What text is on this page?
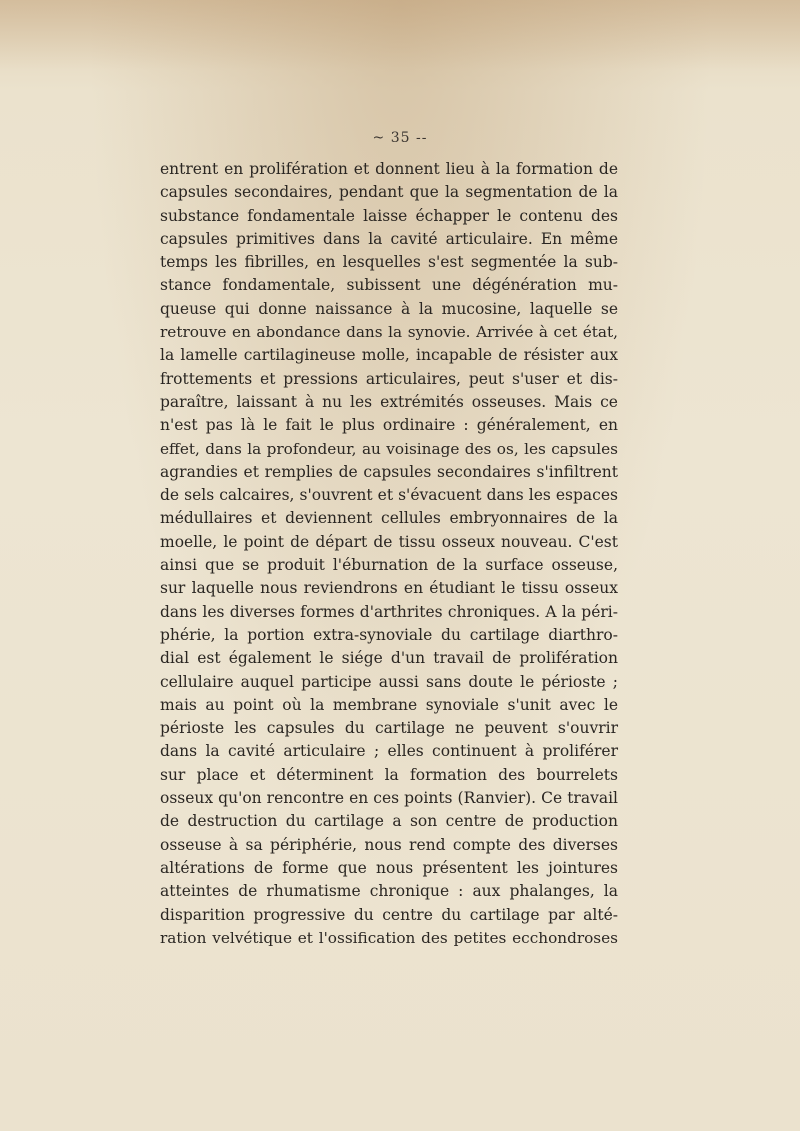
~ 35 --
entrent en prolifération et donnent lieu à la formation de
capsules secondaires, pendant que la segmentation de la
substance fondamentale laisse échapper le contenu des
capsules primitives dans la cavité articulaire. En même
temps les fibrilles, en lesquelles s'est segmentée la sub-
stance fondamentale, subissent une dégénération mu-
queuse qui donne naissance à la mucosine, laquelle se
retrouve en abondance dans la synovie. Arrivée à cet état,
la lamelle cartilagineuse molle, incapable de résister aux
frottements et pressions articulaires, peut s'user et dis-
paraître, laissant à nu les extrémités osseuses. Mais ce
n'est pas là le fait le plus ordinaire : généralement, en
effet, dans la profondeur, au voisinage des os, les capsules
agrandies et remplies de capsules secondaires s'infiltrent
de sels calcaires, s'ouvrent et s'évacuent dans les espaces
médullaires et deviennent cellules embryonnaires de la
moelle, le point de départ de tissu osseux nouveau. C'est
ainsi que se produit l'éburnation de la surface osseuse,
sur laquelle nous reviendrons en étudiant le tissu osseux
dans les diverses formes d'arthrites chroniques. A la péri-
phérie, la portion extra-synoviale du cartilage diarthro-
dial est également le siége d'un travail de prolifération
cellulaire auquel participe aussi sans doute le périoste ;
mais au point où la membrane synoviale s'unit avec le
périoste les capsules du cartilage ne peuvent s'ouvrir
dans la cavité articulaire ; elles continuent à proliférer
sur place et déterminent la formation des bourrelets
osseux qu'on rencontre en ces points (Ranvier). Ce travail
de destruction du cartilage a son centre de production
osseuse à sa périphérie, nous rend compte des diverses
altérations de forme que nous présentent les jointures
atteintes de rhumatisme chronique : aux phalanges, la
disparition progressive du centre du cartilage par alté-
ration velvétique et l'ossification des petites ecchondroses
